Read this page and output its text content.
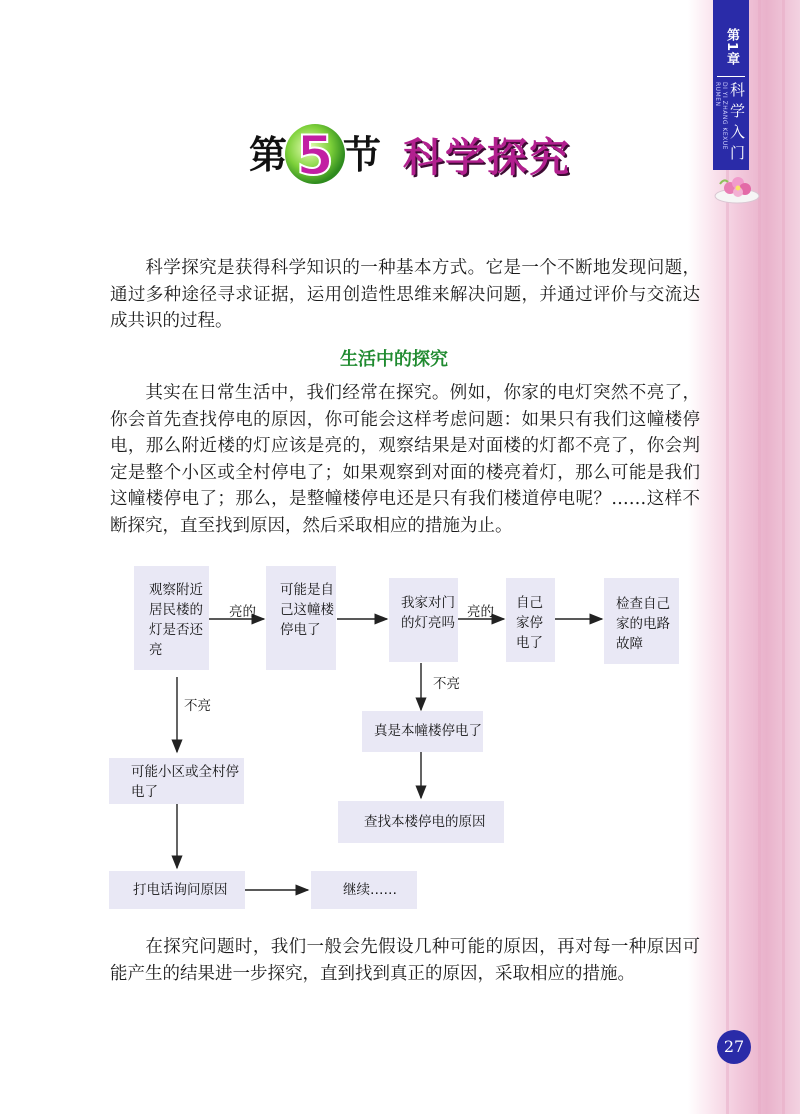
第1章
DI YI ZHANG KEXUE RUMEN 科学入门
第 5 节 科学探究

科学探究是获得科学知识的一种基本方式。它是一个不断地发现问题，通过多种途径寻求证据，运用创造性思维来解决问题，并通过评价与交流达成共识的过程。

生活中的探究

其实在日常生活中，我们经常在探究。例如，你家的电灯突然不亮了，你会首先查找停电的原因，你可能会这样考虑问题：如果只有我们这幢楼停电，那么附近楼的灯应该是亮的，观察结果是对面楼的灯都不亮了，你会判定是整个小区或全村停电了；如果观察到对面的楼亮着灯，那么可能是我们这幢楼停电了；那么，是整幢楼停电还是只有我们楼道停电呢？……这样不断探究，直至找到原因，然后采取相应的措施为止。

观察附近居民楼的灯是否还亮
可能是自己这幢楼停电了
我家对门的灯亮吗
自己家停电了
检查自己家的电路故障
可能小区或全村停电了
真是本幢楼停电了
查找本楼停电的原因
打电话询问原因	继续……
亮的	亮的
不亮
不亮

在探究问题时，我们一般会先假设几种可能的原因，再对每一种原因可能产生的结果进一步探究，直到找到真正的原因，采取相应的措施。

27
